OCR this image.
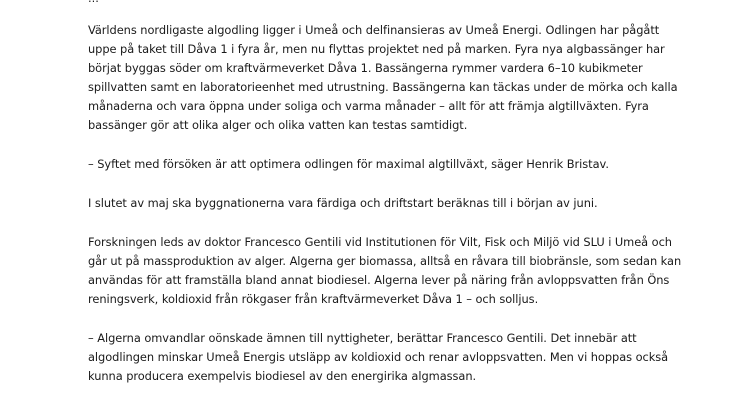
Världens nordligaste algodling ligger i Umeå och delfinansieras av Umeå Energi. Odlingen har pågått
uppe på taket till Dåva 1 i fyra år, men nu flyttas projektet ned på marken. Fyra nya algbassänger har
börjat byggas söder om kraftvärmeverket Dåva 1. Bassängerna rymmer vardera 6–10 kubikmeter
spillvatten samt en laboratorieenhet med utrustning. Bassängerna kan täckas under de mörka och kalla
månaderna och vara öppna under soliga och varma månader – allt för att främja algtillväxten. Fyra
bassänger gör att olika alger och olika vatten kan testas samtidigt.

– Syftet med försöken är att optimera odlingen för maximal algtillväxt, säger Henrik Bristav.

I slutet av maj ska byggnationerna vara färdiga och driftstart beräknas till i början av juni.

Forskningen leds av doktor Francesco Gentili vid Institutionen för Vilt, Fisk och Miljö vid SLU i Umeå och
går ut på massproduktion av alger. Algerna ger biomassa, alltså en råvara till biobränsle, som sedan kan
användas för att framställa bland annat biodiesel. Algerna lever på näring från avloppsvatten från Öns
reningsverk, koldioxid från rökgaser från kraftvärmeverket Dåva 1 – och solljus.

– Algerna omvandlar oönskade ämnen till nyttigheter, berättar Francesco Gentili. Det innebär att
algodlingen minskar Umeå Energis utsläpp av koldioxid och renar avloppsvatten. Men vi hoppas också
kunna producera exempelvis biodiesel av den energirika algmassan.
